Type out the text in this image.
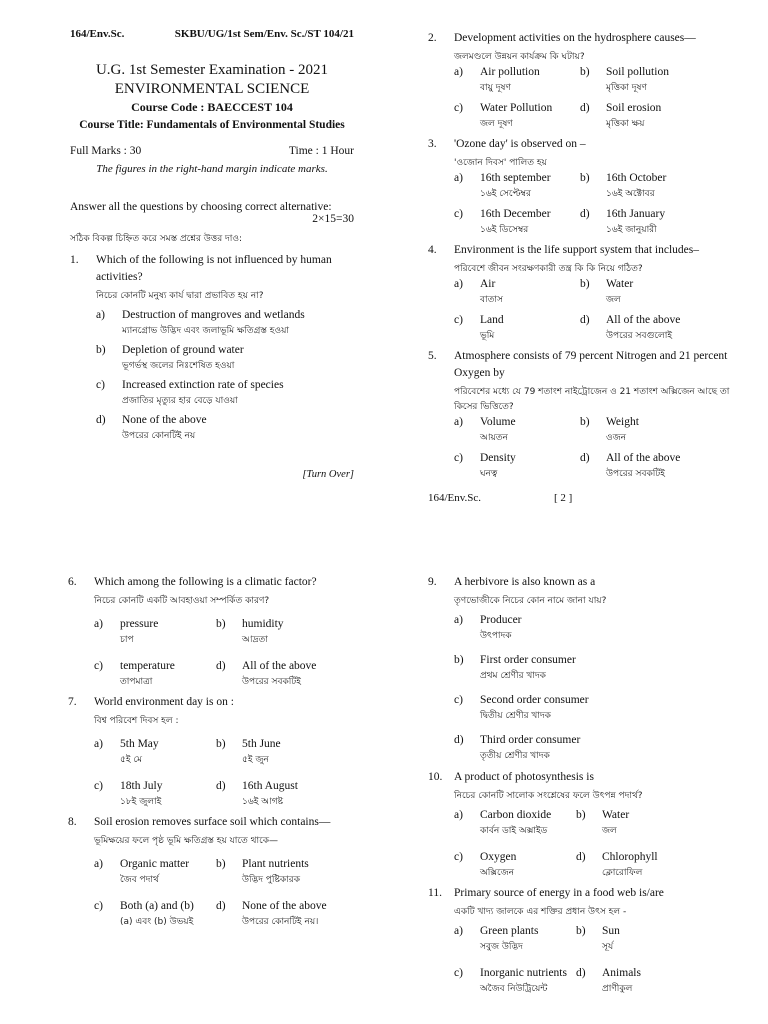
164/Env.Sc.	SKBU/UG/1st Sem/Env. Sc./ST 104/21
U.G. 1st Semester Examination - 2021
ENVIRONMENTAL SCIENCE
Course Code : BAECCEST 104
Course Title: Fundamentals of Environmental Studies
Full Marks : 30	Time : 1 Hour
The figures in the right-hand margin indicate marks.
Answer all the questions by choosing correct alternative:
2×15=30
সঠিক বিকল্প চিহ্নিত করে সমস্ত প্রশ্নের উত্তর দাও:
1.	Which of the following is not influenced by human activities?
নিচের কোনটি মনুষ্য কার্য দ্বারা প্রভাবিত হয় না?
a)	Destruction of mangroves and wetlands
ম্যানগ্রোভ উদ্ভিদ এবং জলাভূমি ক্ষতিগ্রস্ত হওয়া
b)	Depletion of ground water
ভূগর্ভস্থ জলের নিঃশেষিত হওয়া
c)	Increased extinction rate of species
প্রজাতির মৃত্যুর হার বেড়ে যাওয়া
d)	None of the above
উপরের কোনটিই নয়
[Turn Over]
2.	Development activities on the hydrosphere causes—
জলমণ্ডলে উন্নয়ন কার্যক্রম কি ঘটায়?
a)	Air pollution	b)	Soil pollution
বায়ু দূষণ	মৃত্তিকা দূষণ
c)	Water Pollution	d)	Soil erosion
জল দূষণ	মৃত্তিকা ক্ষয়
3.	'Ozone day' is observed on –
'ওজোন দিবস' পালিত হয়
a)	16th september	b)	16th October
১৬ই সেপ্টেম্বর	১৬ই অক্টোবর
c)	16th December	d)	16th January
১৬ই ডিসেম্বর	১৬ই জানুয়ারী
4.	Environment is the life support system that includes–
পরিবেশে জীবন সংরক্ষণকারী তন্ত্র কি কি নিয়ে গঠিত?
a)	Air	b)	Water
বাতাস	জল
c)	Land	d)	All of the above
ভূমি	উপরের সবগুলোই
5.	Atmosphere consists of 79 percent Nitrogen and 21 percent Oxygen by
পরিবেশের মধ্যে যে 79 শতাংশ নাইট্রোজেন ও 21 শতাংশ অক্সিজেন আছে তা কিসের ভিত্তিতে?
a)	Volume	b)	Weight
আয়তন	ওজন
c)	Density	d)	All of the above
ঘনত্ব	উপরের সবকটিই
164/Env.Sc.	[ 2 ]
6.	Which among the following is a climatic factor?
নিচের কোনটি একটি আবহাওয়া সম্পর্কিত কারণ?
a)	pressure	b)	humidity
চাপ	আদ্রতা
c)	temperature	d)	All of the above
তাপমাত্রা	উপরের সবকটিই
7.	World environment day is on :
বিশ্ব পরিবেশ দিবস হল :
a)	5th May	b)	5th June
৫ই মে	৫ই জুন
c)	18th July	d)	16th August
১৮ই জুলাই	১৬ই আগষ্ট
8.	Soil erosion removes surface soil which contains—
ভূমিক্ষয়ের ফলে পৃষ্ঠ ভূমি ক্ষতিগ্রস্ত হয় যাতে থাকে—
a)	Organic matter	b)	Plant nutrients
জৈব পদার্থ	উদ্ভিদ পুষ্টিকারক
c)	Both (a) and (b)	d)	None of the above
(a) এবং (b) উভয়ই	উপরের কোনটিই নয়।
9.	A herbivore is also known as a
তৃণভোজীকে নিচের কোন নামে জানা যায়?
a)	Producer
উৎপাদক
b)	First order consumer
প্রথম শ্রেণীর খাদক
c)	Second order consumer
দ্বিতীয় শ্রেণীর খাদক
d)	Third order consumer
তৃতীয় শ্রেণীর খাদক
10.	A product of photosynthesis is
নিচের কোনটি সালোক সংশ্লেষের ফলে উৎপন্ন পদার্থ?
a)	Carbon dioxide	b)	Water
কার্বন ডাই অক্সাইড	জল
c)	Oxygen	d)	Chlorophyll
অক্সিজেন	ক্লোরোফিল
11.	Primary source of energy in a food web is/are
একটি খাদ্য জালকে এর শক্তির প্রধান উৎস হল -
a)	Green plants	b)	Sun
সবুজ উদ্ভিদ	সূর্য
c)	Inorganic nutrients d)	Animals
অজৈব নিউট্রিয়েন্ট	প্রাণীকুল
